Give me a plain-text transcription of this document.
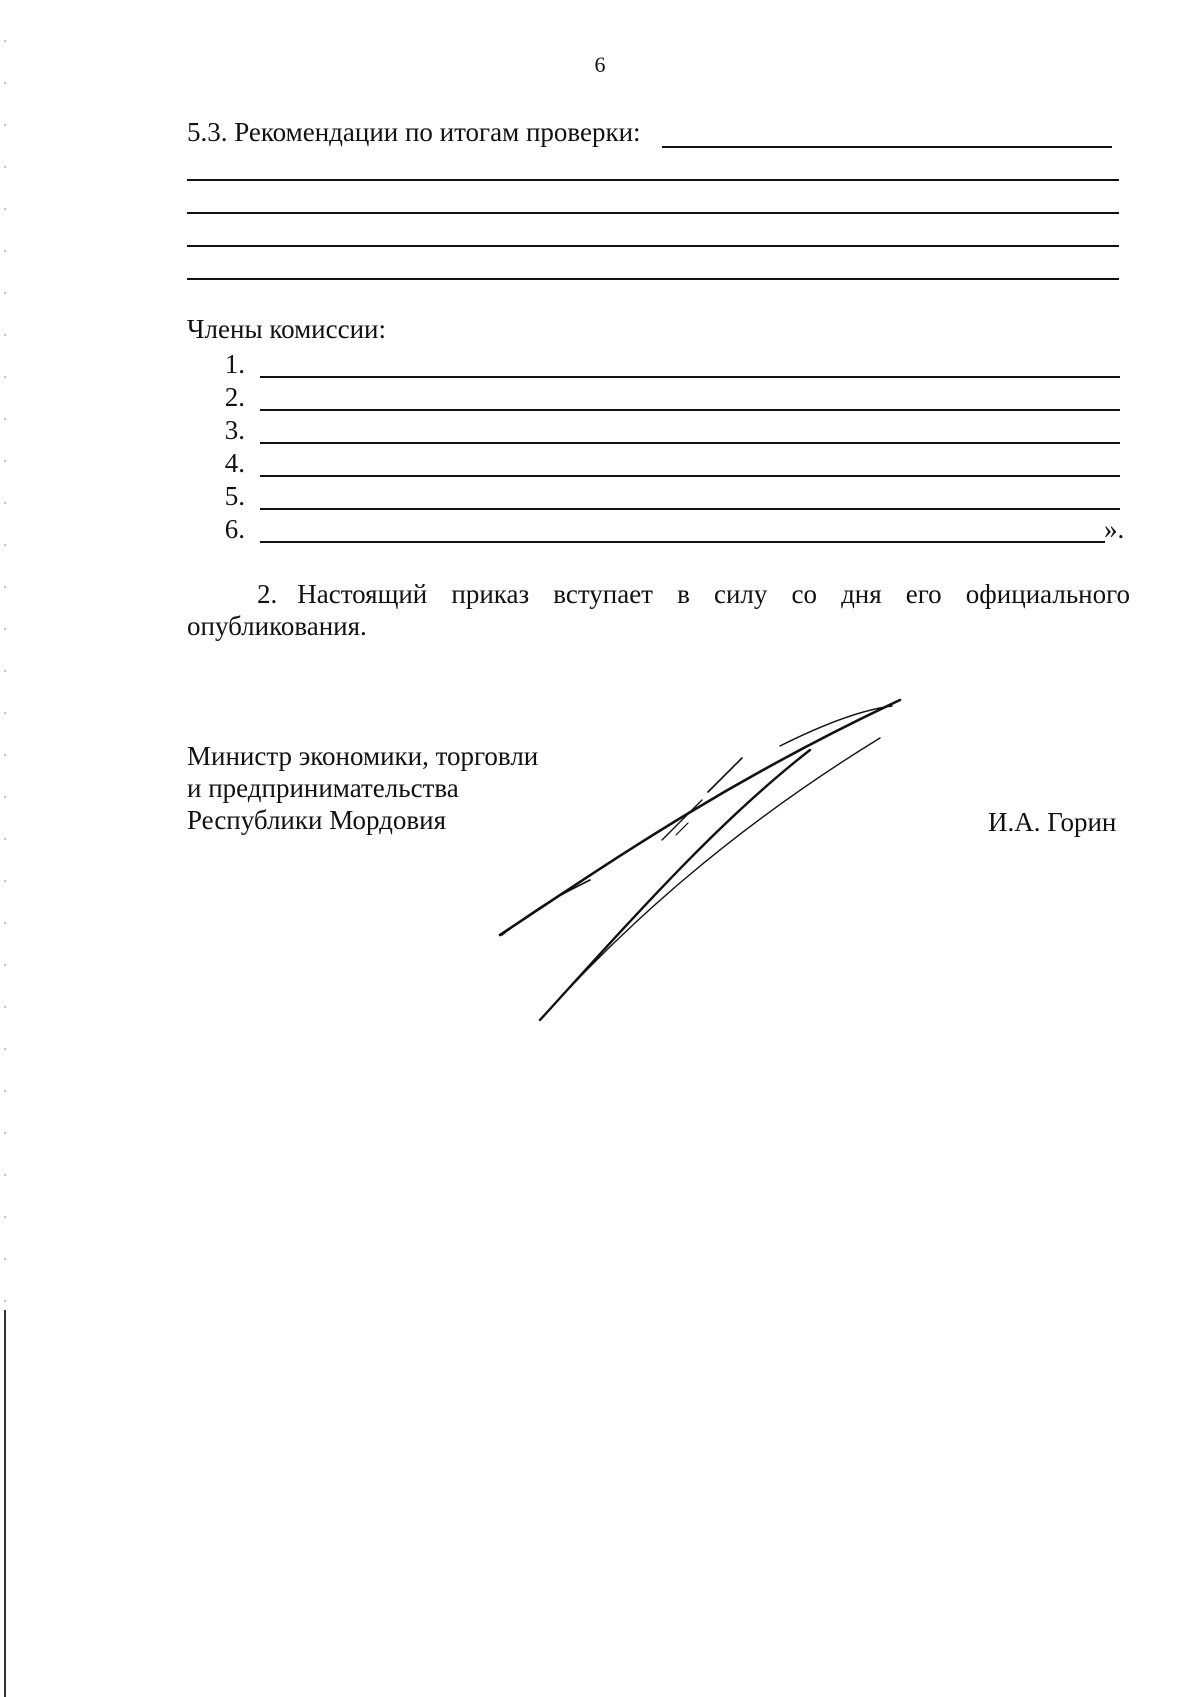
6
5.3. Рекомендации по итогам проверки:
Члены комиссии:
1.
2.
3.
4.
5.
6.	».
2. Настоящий приказ вступает в силу со дня его официального
опубликования.
Министр экономики, торговли
и предпринимательства
Республики Мордовия	И.А. Горин
